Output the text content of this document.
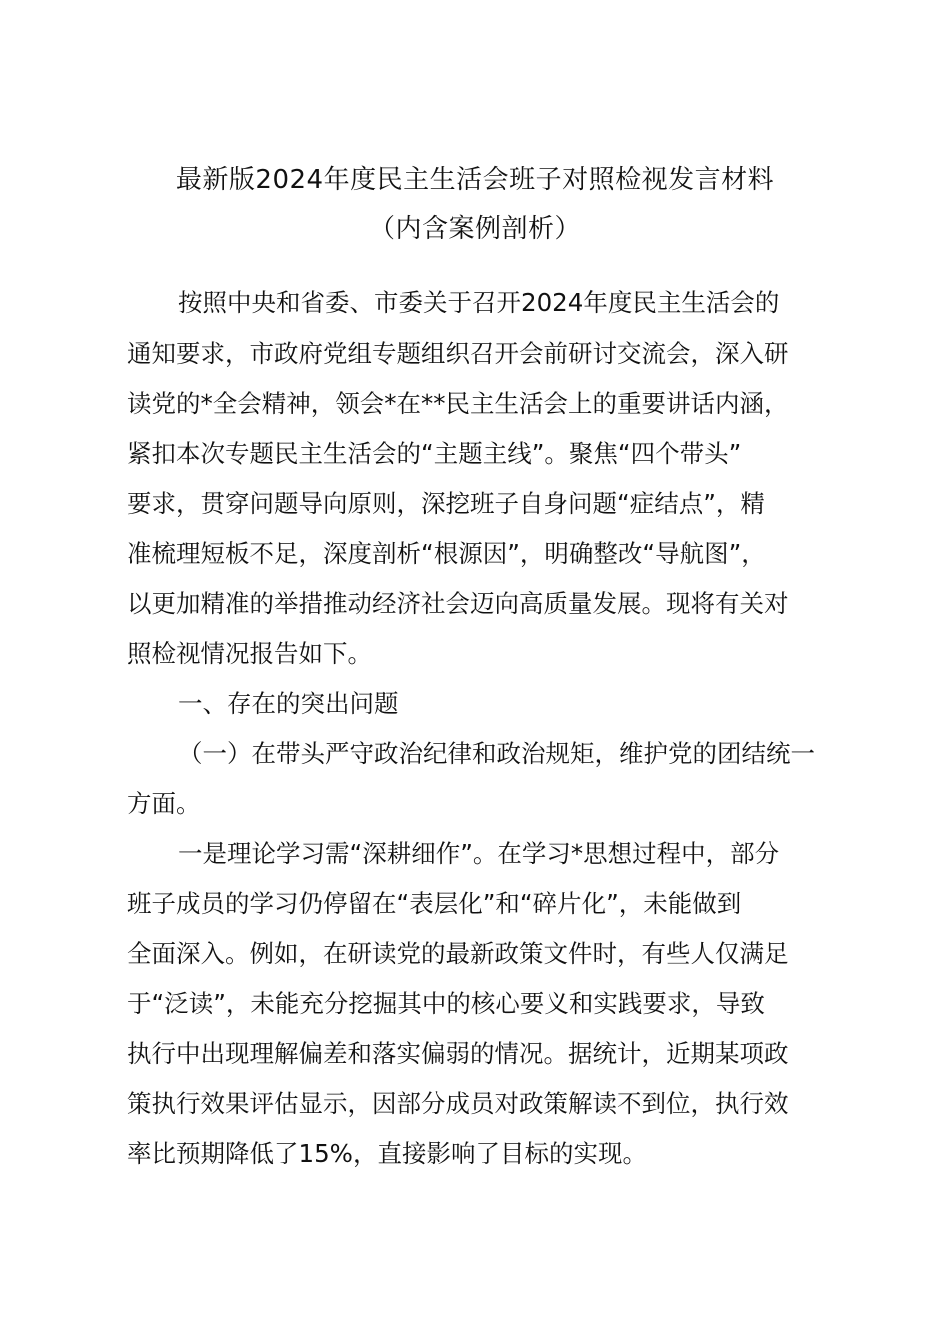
最新版2024年度民主生活会班子对照检视发言材料
（内含案例剖析）
按照中央和省委、市委关于召开2024年度民主生活会的
通知要求，市政府党组专题组织召开会前研讨交流会，深入研
读党的*全会精神，领会*在**民主生活会上的重要讲话内涵，
紧扣本次专题民主生活会的“主题主线”。聚焦“四个带头”
要求，贯穿问题导向原则，深挖班子自身问题“症结点”，精
准梳理短板不足，深度剖析“根源因”，明确整改“导航图”，
以更加精准的举措推动经济社会迈向高质量发展。现将有关对
照检视情况报告如下。
一、存在的突出问题
（一）在带头严守政治纪律和政治规矩，维护党的团结统一
方面。
一是理论学习需“深耕细作”。在学习*思想过程中，部分
班子成员的学习仍停留在“表层化”和“碎片化”，未能做到
全面深入。例如，在研读党的最新政策文件时，有些人仅满足
于“泛读”，未能充分挖掘其中的核心要义和实践要求，导致
执行中出现理解偏差和落实偏弱的情况。据统计，近期某项政
策执行效果评估显示，因部分成员对政策解读不到位，执行效
率比预期降低了15%，直接影响了目标的实现。
